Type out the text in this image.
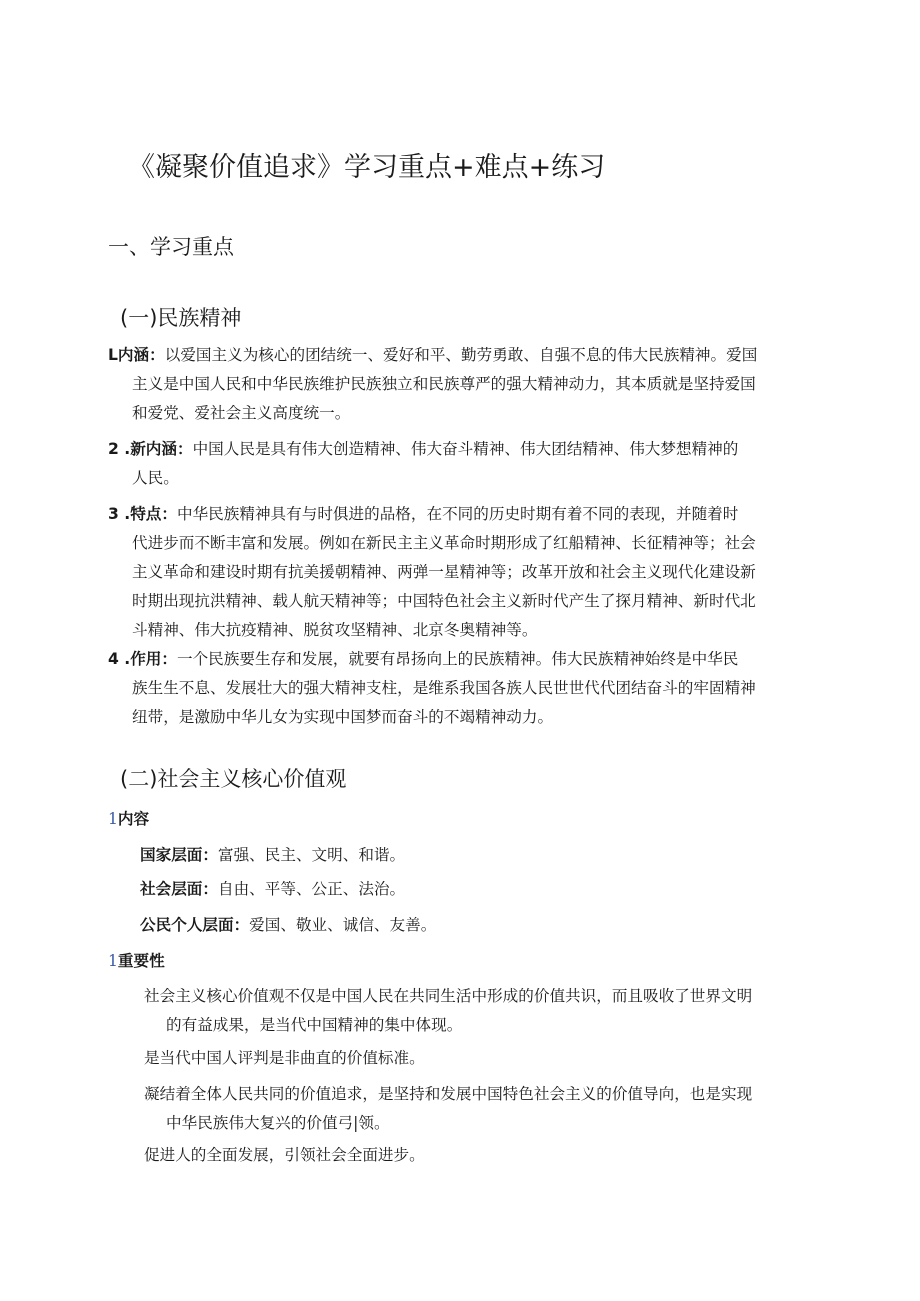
《凝聚价值追求》学习重点+难点+练习
一、学习重点
(一)民族精神
L内涵：以爱国主义为核心的团结统一、爱好和平、勤劳勇敢、自强不息的伟大民族精神。爱国
主义是中国人民和中华民族维护民族独立和民族尊严的强大精神动力，其本质就是坚持爱国
和爱党、爱社会主义高度统一。
2 .新内涵：中国人民是具有伟大创造精神、伟大奋斗精神、伟大团结精神、伟大梦想精神的
人民。
3 .特点：中华民族精神具有与时俱进的品格，在不同的历史时期有着不同的表现，并随着时
代进步而不断丰富和发展。例如在新民主主义革命时期形成了红船精神、长征精神等；社会
主义革命和建设时期有抗美援朝精神、两弹一星精神等；改革开放和社会主义现代化建设新
时期出现抗洪精神、载人航天精神等；中国特色社会主义新时代产生了探月精神、新时代北
斗精神、伟大抗疫精神、脱贫攻坚精神、北京冬奥精神等。
4 .作用：一个民族要生存和发展，就要有昂扬向上的民族精神。伟大民族精神始终是中华民
族生生不息、发展壮大的强大精神支柱，是维系我国各族人民世世代代团结奋斗的牢固精神
纽带，是激励中华儿女为实现中国梦而奋斗的不竭精神动力。
(二)社会主义核心价值观
1内容
国家层面：富强、民主、文明、和谐。
社会层面：自由、平等、公正、法治。
公民个人层面：爱国、敬业、诚信、友善。
1重要性
社会主义核心价值观不仅是中国人民在共同生活中形成的价值共识，而且吸收了世界文明
的有益成果，是当代中国精神的集中体现。
是当代中国人评判是非曲直的价值标准。
凝结着全体人民共同的价值追求，是坚持和发展中国特色社会主义的价值导向，也是实现
中华民族伟大复兴的价值弓|领。
促进人的全面发展，引领社会全面进步。
